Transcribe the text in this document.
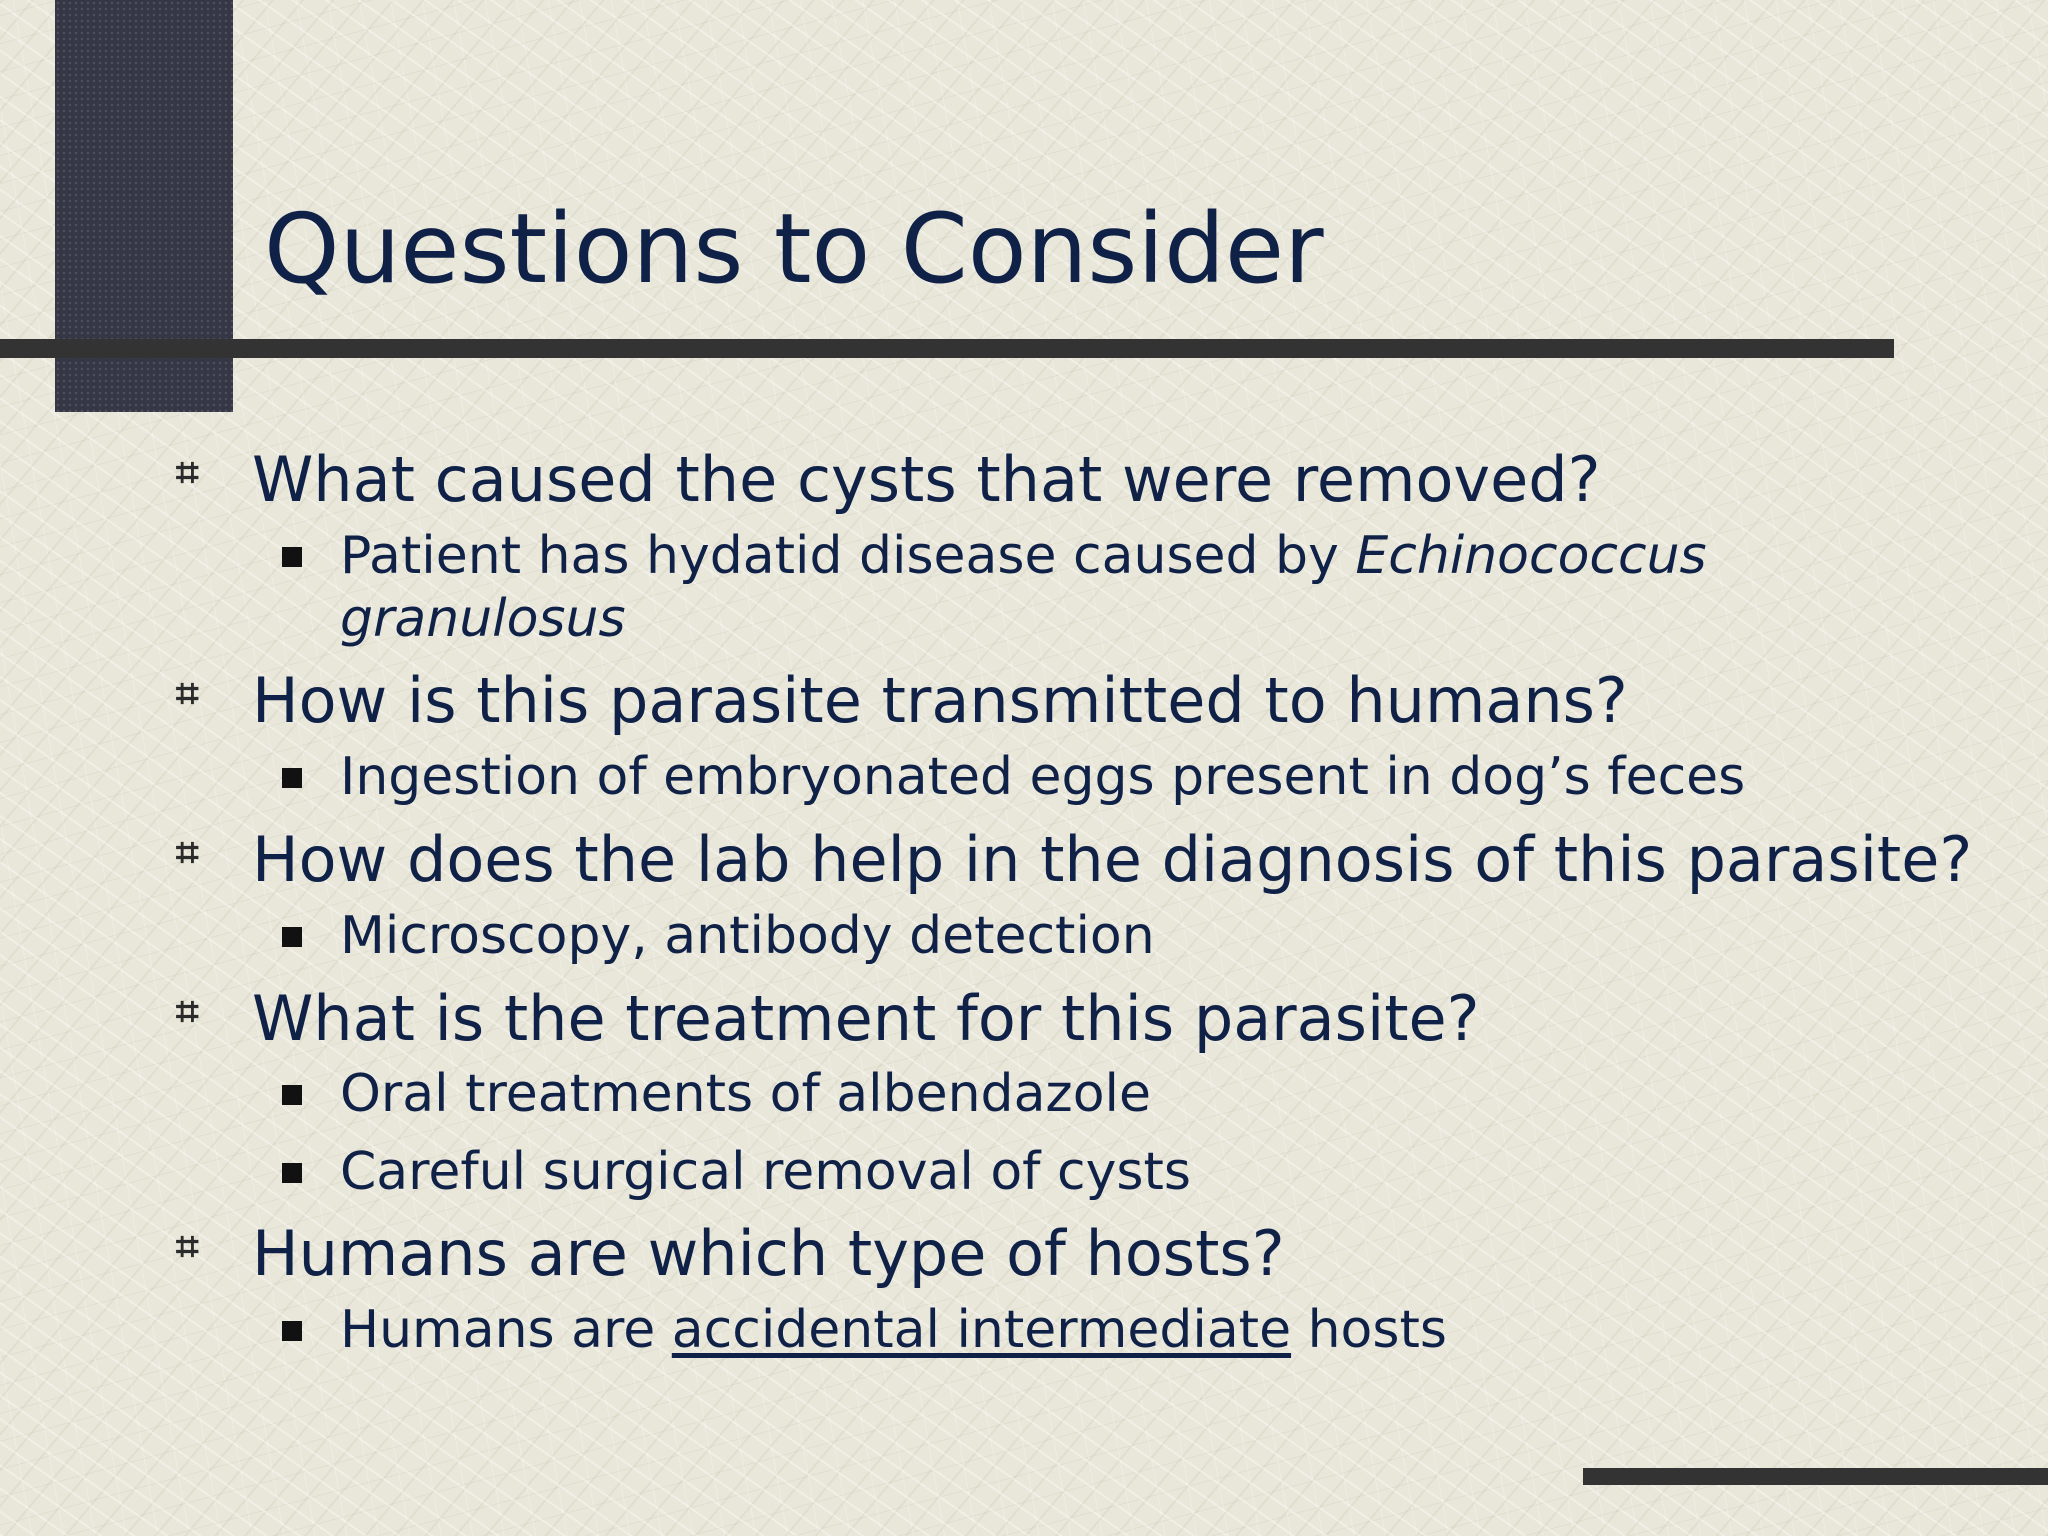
Questions to Consider
⌗ What caused the cysts that were removed?
Patient has hydatid disease caused by Echinococcus
granulosus
⌗ How is this parasite transmitted to humans?
Ingestion of embryonated eggs present in dog’s feces
⌗ How does the lab help in the diagnosis of this parasite?
Microscopy, antibody detection
⌗ What is the treatment for this parasite?
Oral treatments of albendazole
Careful surgical removal of cysts
⌗ Humans are which type of hosts?
Humans are accidental intermediate hosts
